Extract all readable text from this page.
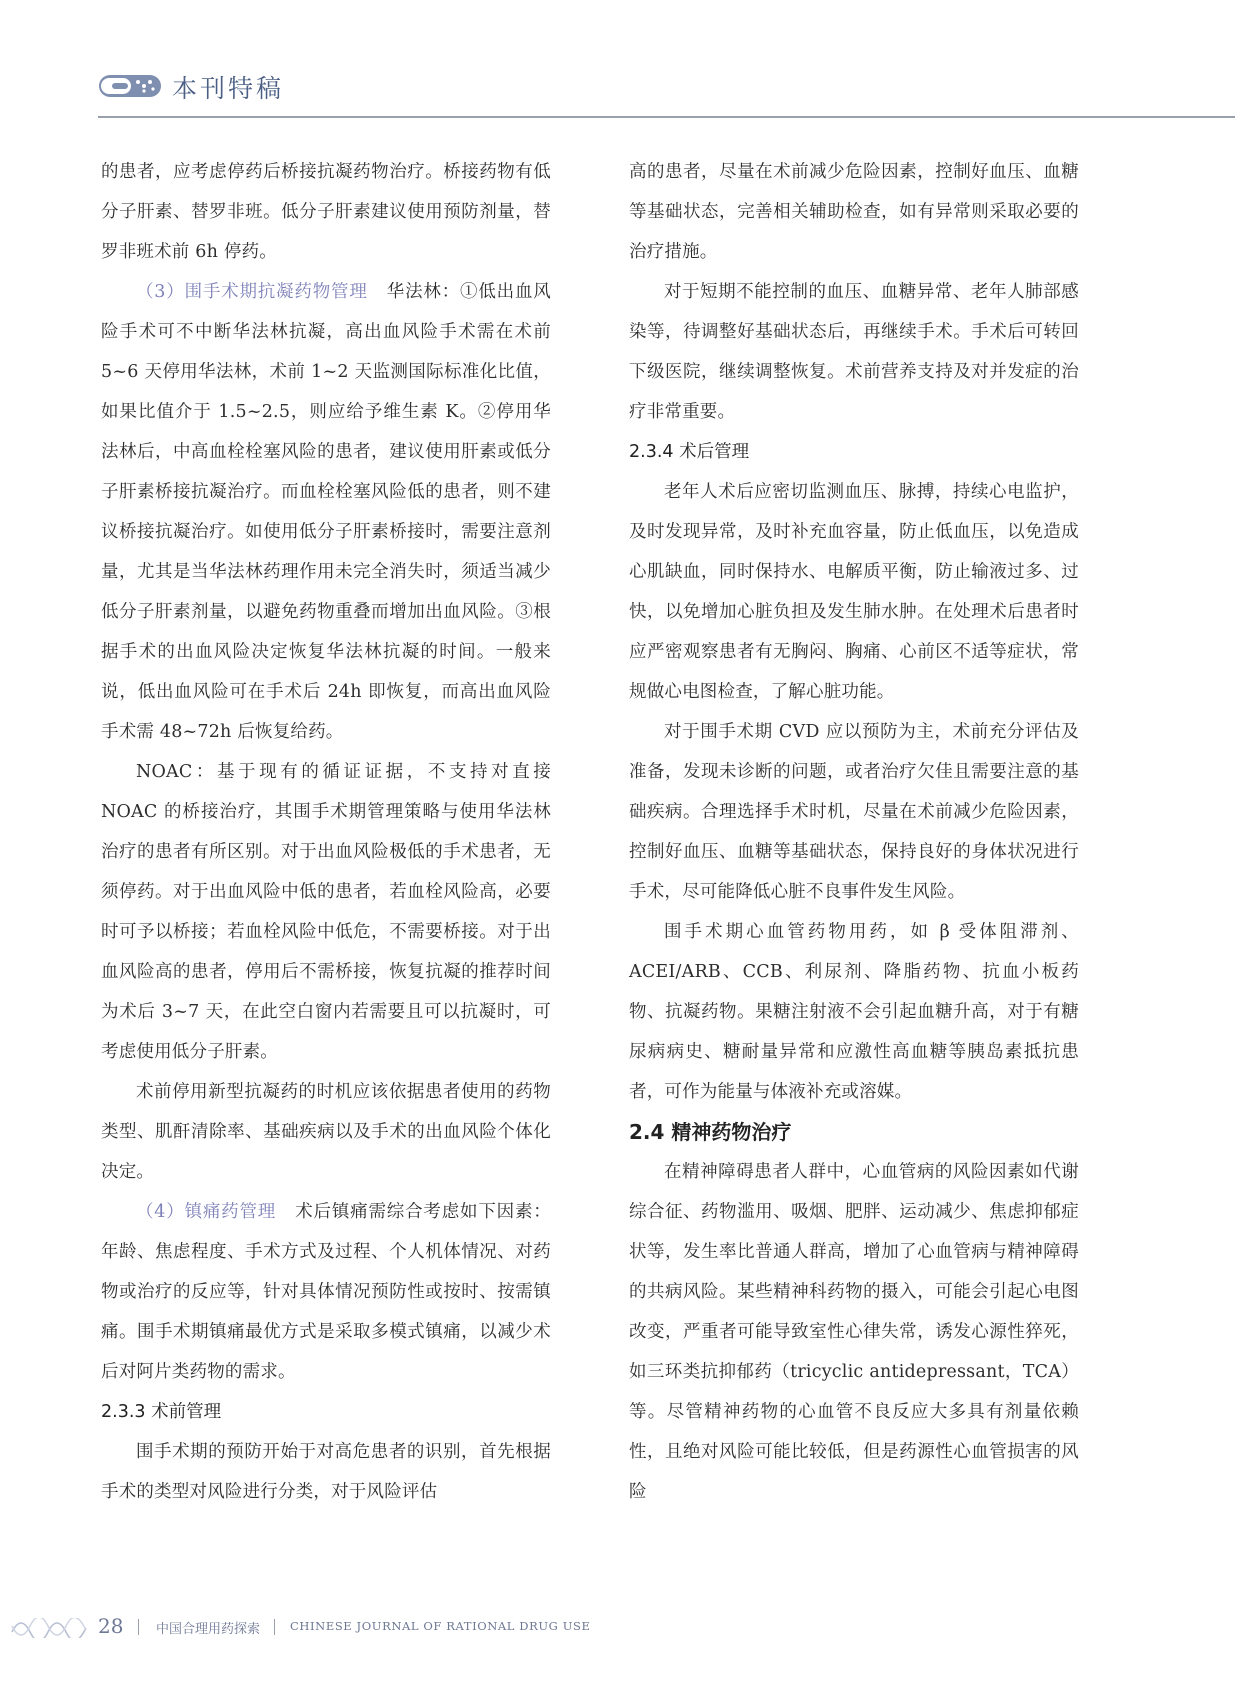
本刊特稿

的患者，应考虑停药后桥接抗凝药物治疗。桥接药物有低分子肝素、替罗非班。低分子肝素建议使用预防剂量，替罗非班术前 6h 停药。

（3）围手术期抗凝药物管理 华法林：①低出血风险手术可不中断华法林抗凝，高出血风险手术需在术前 5~6 天停用华法林，术前 1~2 天监测国际标准化比值，如果比值介于 1.5~2.5，则应给予维生素 K。②停用华法林后，中高血栓栓塞风险的患者，建议使用肝素或低分子肝素桥接抗凝治疗。而血栓栓塞风险低的患者，则不建议桥接抗凝治疗。如使用低分子肝素桥接时，需要注意剂量，尤其是当华法林药理作用未完全消失时，须适当减少低分子肝素剂量，以避免药物重叠而增加出血风险。③根据手术的出血风险决定恢复华法林抗凝的时间。一般来说，低出血风险可在手术后 24h 即恢复，而高出血风险手术需 48~72h 后恢复给药。

NOAC：基于现有的循证证据，不支持对直接 NOAC 的桥接治疗，其围手术期管理策略与使用华法林治疗的患者有所区别。对于出血风险极低的手术患者，无须停药。对于出血风险中低的患者，若血栓风险高，必要时可予以桥接；若血栓风险中低危，不需要桥接。对于出血风险高的患者，停用后不需桥接，恢复抗凝的推荐时间为术后 3~7 天，在此空白窗内若需要且可以抗凝时，可考虑使用低分子肝素。

术前停用新型抗凝药的时机应该依据患者使用的药物类型、肌酐清除率、基础疾病以及手术的出血风险个体化决定。

（4）镇痛药管理 术后镇痛需综合考虑如下因素：年龄、焦虑程度、手术方式及过程、个人机体情况、对药物或治疗的反应等，针对具体情况预防性或按时、按需镇痛。围手术期镇痛最优方式是采取多模式镇痛，以减少术后对阿片类药物的需求。

2.3.3 术前管理

围手术期的预防开始于对高危患者的识别，首先根据手术的类型对风险进行分类，对于风险评估

高的患者，尽量在术前减少危险因素，控制好血压、血糖等基础状态，完善相关辅助检查，如有异常则采取必要的治疗措施。

对于短期不能控制的血压、血糖异常、老年人肺部感染等，待调整好基础状态后，再继续手术。手术后可转回下级医院，继续调整恢复。术前营养支持及对并发症的治疗非常重要。

2.3.4 术后管理

老年人术后应密切监测血压、脉搏，持续心电监护，及时发现异常，及时补充血容量，防止低血压，以免造成心肌缺血，同时保持水、电解质平衡，防止输液过多、过快，以免增加心脏负担及发生肺水肿。在处理术后患者时应严密观察患者有无胸闷、胸痛、心前区不适等症状，常规做心电图检查，了解心脏功能。

对于围手术期 CVD 应以预防为主，术前充分评估及准备，发现未诊断的问题，或者治疗欠佳且需要注意的基础疾病。合理选择手术时机，尽量在术前减少危险因素，控制好血压、血糖等基础状态，保持良好的身体状况进行手术，尽可能降低心脏不良事件发生风险。

围手术期心血管药物用药，如 β 受体阻滞剂、ACEI/ARB、CCB、利尿剂、降脂药物、抗血小板药物、抗凝药物。果糖注射液不会引起血糖升高，对于有糖尿病病史、糖耐量异常和应激性高血糖等胰岛素抵抗患者，可作为能量与体液补充或溶媒。

2.4 精神药物治疗

在精神障碍患者人群中，心血管病的风险因素如代谢综合征、药物滥用、吸烟、肥胖、运动减少、焦虑抑郁症状等，发生率比普通人群高，增加了心血管病与精神障碍的共病风险。某些精神科药物的摄入，可能会引起心电图改变，严重者可能导致室性心律失常，诱发心源性猝死，如三环类抗抑郁药（tricyclic antidepressant，TCA）等。尽管精神药物的心血管不良反应大多具有剂量依赖性，且绝对风险可能比较低，但是药源性心血管损害的风险

28	中国合理用药探索	CHINESE JOURNAL OF RATIONAL DRUG USE
